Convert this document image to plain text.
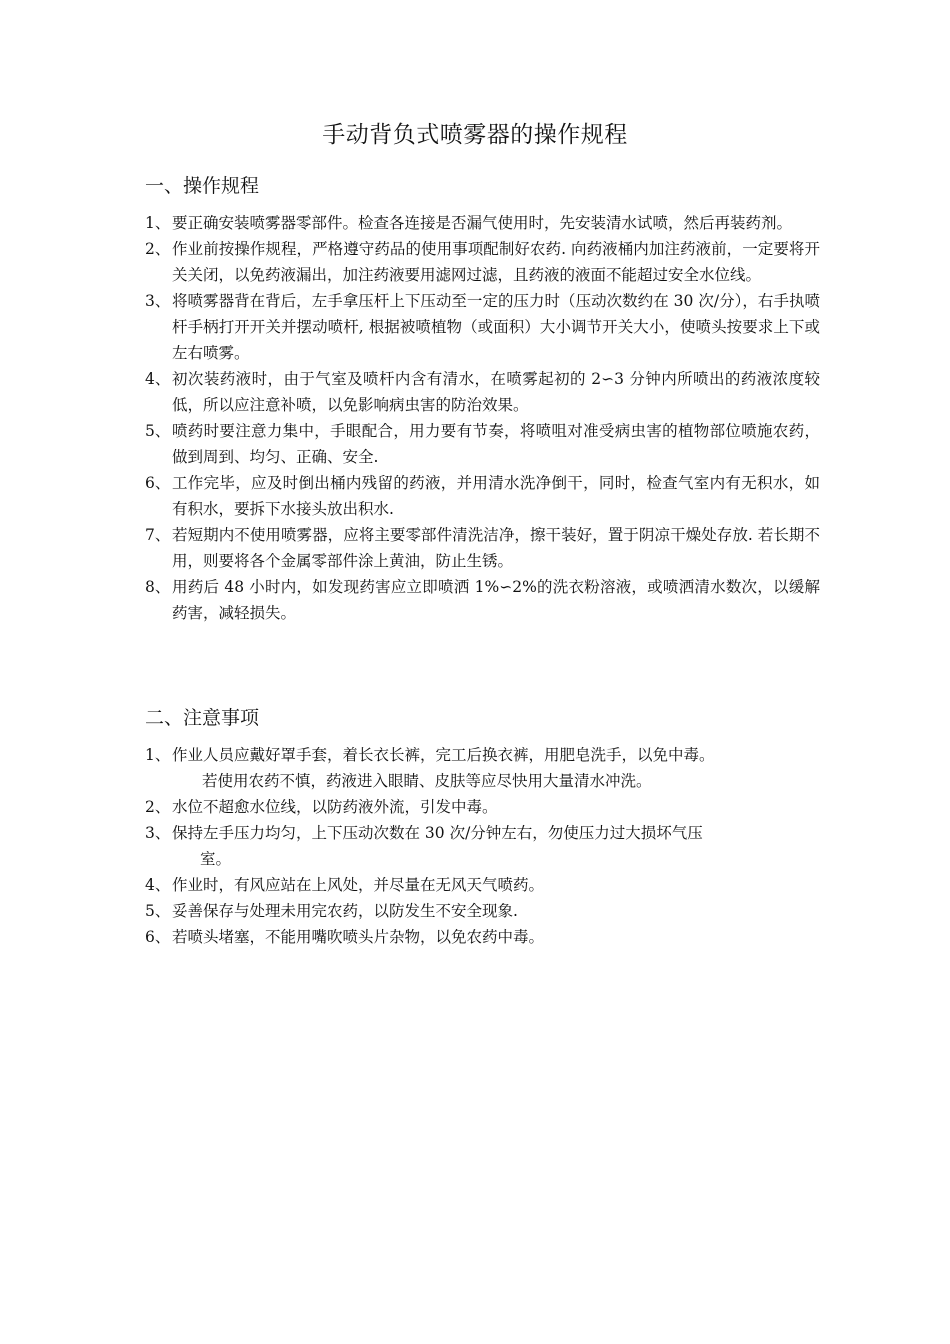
手动背负式喷雾器的操作规程
一、操作规程
1、 要正确安装喷雾器零部件。检查各连接是否漏气使用时，先安装清水试喷，然后再装药剂。
2、 作业前按操作规程，严格遵守药品的使用事项配制好农药. 向药液桶内加注药液前，一定要将开关关闭，以免药液漏出，加注药液要用滤网过滤，且药液的液面不能超过安全水位线。
3、 将喷雾器背在背后，左手拿压杆上下压动至一定的压力时（压动次数约在 30 次/分），右手执喷杆手柄打开开关并摆动喷杆, 根据被喷植物（或面积）大小调节开关大小，使喷头按要求上下或左右喷雾。
4、 初次装药液时，由于气室及喷杆内含有清水，在喷雾起初的 2∽3 分钟内所喷出的药液浓度较低，所以应注意补喷，以免影响病虫害的防治效果。
5、 喷药时要注意力集中，手眼配合，用力要有节奏，将喷咀对准受病虫害的植物部位喷施农药，做到周到、均匀、正确、安全.
6、 工作完毕，应及时倒出桶内残留的药液，并用清水洗净倒干，同时，检查气室内有无积水，如有积水，要拆下水接头放出积水.
7、 若短期内不使用喷雾器，应将主要零部件清洗洁净，擦干装好，置于阴凉干燥处存放. 若长期不用，则要将各个金属零部件涂上黄油，防止生锈。
8、 用药后 48 小时内，如发现药害应立即喷洒 1%∽2%的洗衣粉溶液，或喷洒清水数次，以缓解药害，减轻损失。
二、注意事项
1、 作业人员应戴好罩手套，着长衣长裤，完工后换衣裤，用肥皂洗手，以免中毒。
若使用农药不慎，药液进入眼睛、皮肤等应尽快用大量清水冲洗。
2、 水位不超愈水位线，以防药液外流，引发中毒。
3、 保持左手压力均匀，上下压动次数在 30 次/分钟左右，勿使压力过大损坏气压
室。
4、 作业时，有风应站在上风处，并尽量在无风天气喷药。
5、 妥善保存与处理未用完农药，以防发生不安全现象.
6、 若喷头堵塞，不能用嘴吹喷头片杂物，以免农药中毒。
